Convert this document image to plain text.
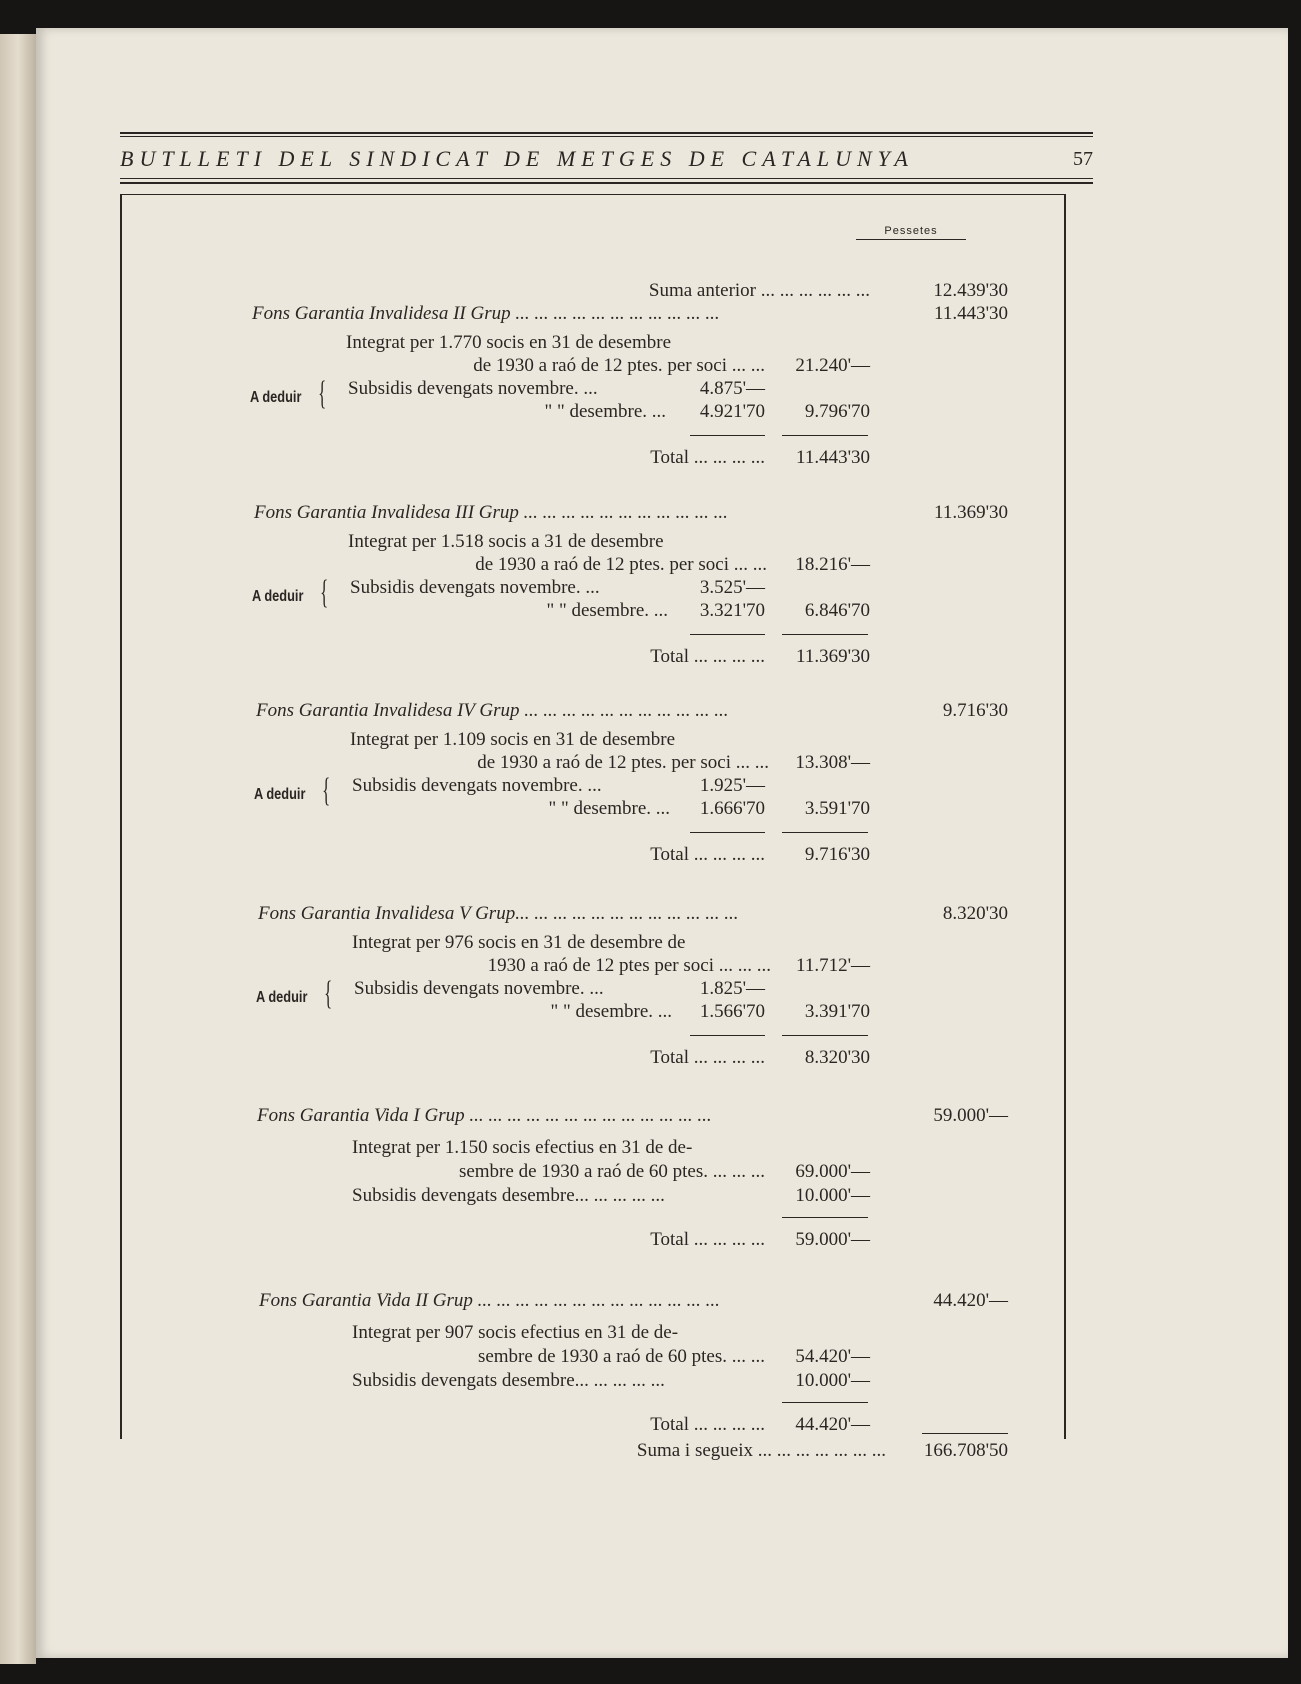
BUTLLETI DEL SINDICAT DE METGES DE CATALUNYA	57
Pessetes
Suma anterior ... ... ... ... ... ...	12.439'30
Fons Garantia Invalidesa II Grup ... ... ... ... ... ... ... ... ... ... ...	11.443'30
Integrat per 1.770 socis en 31 de desembre
de 1930 a raó de 12 ptes. per soci ... ...	21.240'—
A deduir { Subsidis devengats novembre. ...	4.875'—
" " desembre. ...	4.921'70	9.796'70
Total ... ... ... ...	11.443'30
Fons Garantia Invalidesa III Grup ... ... ... ... ... ... ... ... ... ... ...	11.369'30
Integrat per 1.518 socis a 31 de desembre
de 1930 a raó de 12 ptes. per soci ... ...	18.216'—
A deduir { Subsidis devengats novembre. ...	3.525'—
" " desembre. ...	3.321'70	6.846'70
Total ... ... ... ...	11.369'30
Fons Garantia Invalidesa IV Grup ... ... ... ... ... ... ... ... ... ... ...	9.716'30
Integrat per 1.109 socis en 31 de desembre
de 1930 a raó de 12 ptes. per soci ... ...	13.308'—
A deduir { Subsidis devengats novembre. ...	1.925'—
" " desembre. ...	1.666'70	3.591'70
Total ... ... ... ...	9.716'30
Fons Garantia Invalidesa V Grup... ... ... ... ... ... ... ... ... ... ... ...	8.320'30
Integrat per 976 socis en 31 de desembre de
1930 a raó de 12 ptes per soci ... ... ...	11.712'—
A deduir { Subsidis devengats novembre. ...	1.825'—
" " desembre. ...	1.566'70	3.391'70
Total ... ... ... ...	8.320'30
Fons Garantia Vida I Grup ... ... ... ... ... ... ... ... ... ... ... ... ...	59.000'—
Integrat per 1.150 socis efectius en 31 de de-
sembre de 1930 a raó de 60 ptes. ... ... ...	69.000'—
Subsidis devengats desembre... ... ... ... ...	10.000'—
Total ... ... ... ...	59.000'—
Fons Garantia Vida II Grup ... ... ... ... ... ... ... ... ... ... ... ... ...	44.420'—
Integrat per 907 socis efectius en 31 de de-
sembre de 1930 a raó de 60 ptes. ... ...	54.420'—
Subsidis devengats desembre... ... ... ... ...	10.000'—
Total ... ... ... ...	44.420'—
Suma i segueix ... ... ... ... ... ... ...	166.708'50
